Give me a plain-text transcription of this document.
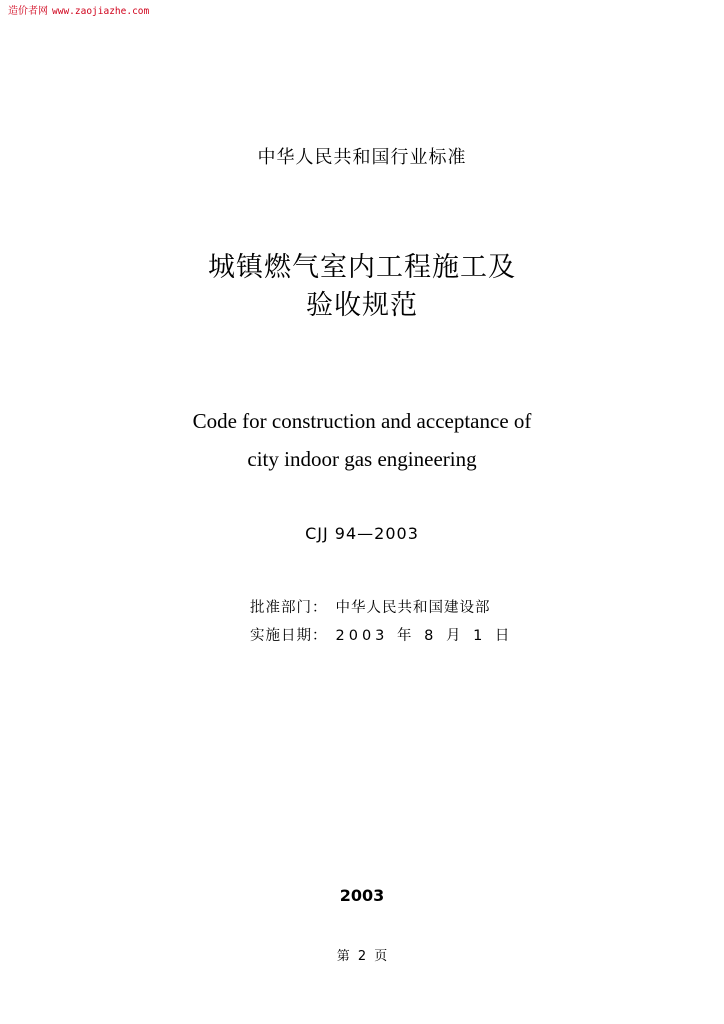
造价者网 www.zaojiazhe.com
中华人民共和国行业标准
城镇燃气室内工程施工及
验收规范
Code for construction and acceptance of
city indoor gas engineering
CJJ 94—2003
批准部门： 中华人民共和国建设部
实施日期： 2003 年 8 月 1 日
2003
第 2 页
